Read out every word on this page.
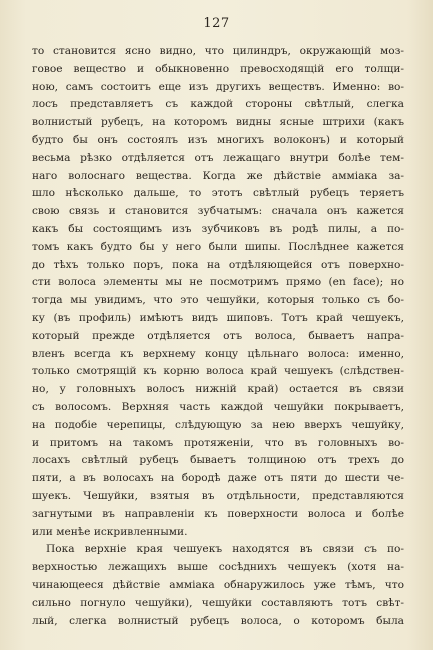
127
то становится ясно видно, что цилиндръ, окружающій моз-
говое вещество и обыкновенно превосходящій его толщи-
ною, самъ состоитъ еще изъ другихъ веществъ. Именно: во-
лосъ представляетъ съ каждой стороны свѣтлый, слегка
волнистый рубецъ, на которомъ видны ясные штрихи (какъ
будто бы онъ состоялъ изъ многихъ волоконъ) и который
весьма рѣзко отдѣляется отъ лежащаго внутри болѣе тем-
наго волоснаго вещества. Когда же дѣйствіе аммiака за-
шло нѣсколько дальше, то этотъ свѣтлый рубецъ теряетъ
свою связь и становится зубчатымъ: сначала онъ кажется
какъ бы состоящимъ изъ зубчиковъ въ родѣ пилы, а по-
томъ какъ будто бы у него были шипы. Послѣднее кажется
до тѣхъ только поръ, пока на отдѣляющейся отъ поверхно-
сти волоса элементы мы не посмотримъ прямо (en face); но
тогда мы увидимъ, что это чешуйки, которыя только съ бо-
ку (въ профиль) имѣютъ видъ шиповъ. Тотъ край чешуекъ,
который прежде отдѣляется отъ волоса, бываетъ напра-
вленъ всегда къ верхнему концу цѣльнаго волоса: именно,
только смотрящій къ корню волоса край чешуекъ (слѣдствен-
но, у головныхъ волосъ нижній край) остается въ связи
съ волосомъ. Верхняя часть каждой чешуйки покрываетъ,
на подобіе черепицы, слѣдующую за нею вверхъ чешуйку,
и притомъ на такомъ протяженіи, что въ головныхъ во-
лосахъ свѣтлый рубецъ бываетъ толщиною отъ трехъ до
пяти, а въ волосахъ на бородѣ даже отъ пяти до шести че-
шуекъ. Чешуйки, взятыя въ отдѣльности, представляются
загнутыми въ направленіи къ поверхности волоса и болѣе
или менѣе искривленными.
Пока верхніе края чешуекъ находятся въ связи съ по-
верхностью лежащихъ выше сосѣднихъ чешуекъ (хотя на-
чинающееся дѣйствіе аммiака обнаружилось уже тѣмъ, что
сильно погнуло чешуйки), чешуйки составляютъ тотъ свѣт-
лый, слегка волнистый рубецъ волоса, о которомъ была
